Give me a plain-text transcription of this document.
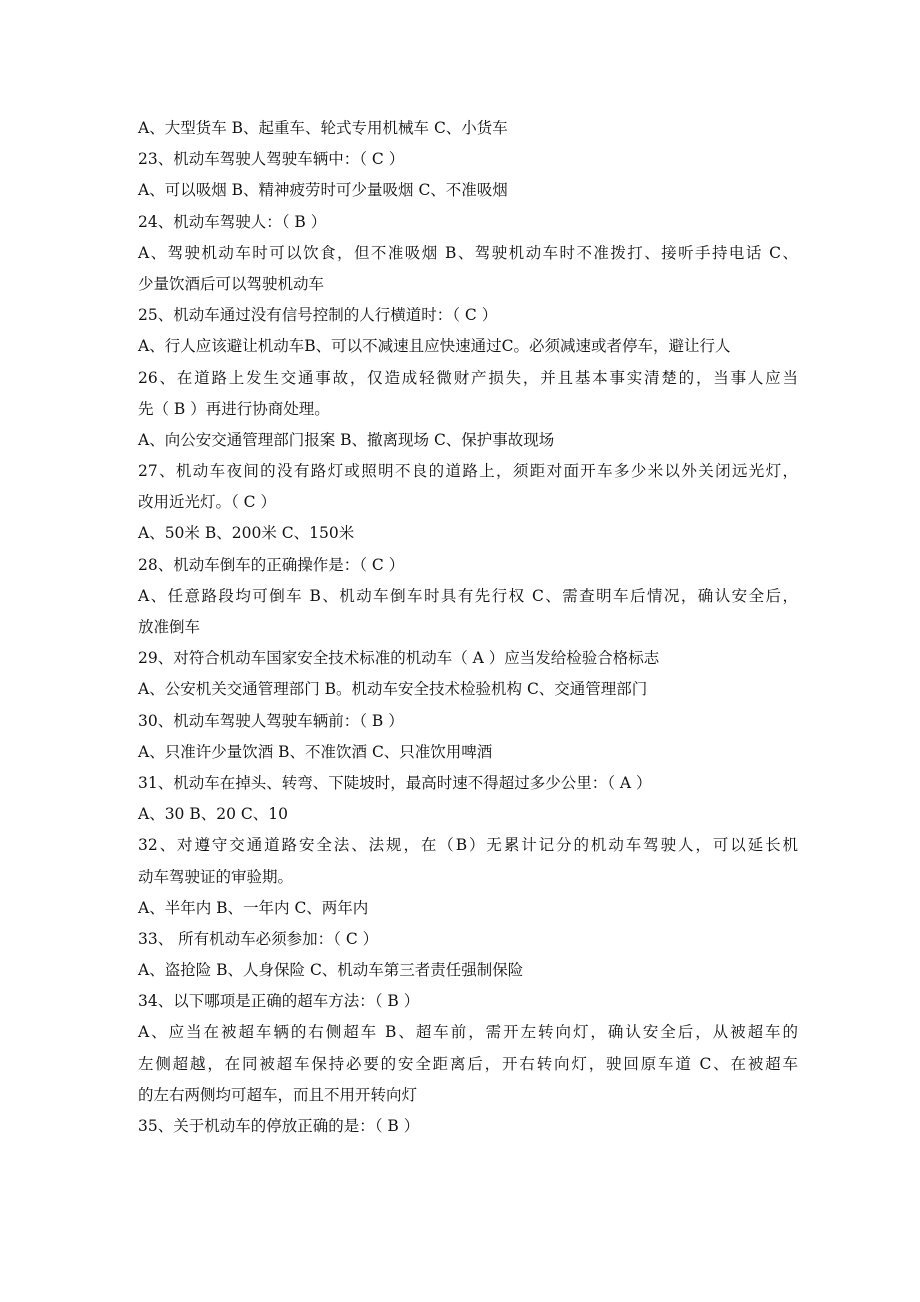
A、大型货车 B、起重车、轮式专用机械车 C、小货车
23、机动车驾驶人驾驶车辆中：（ C ）
A、可以吸烟 B、精神疲劳时可少量吸烟 C、不准吸烟
24、机动车驾驶人：（ B ）
A、驾驶机动车时可以饮食，但不准吸烟 B、驾驶机动车时不准拨打、接听手持电话 C、
少量饮酒后可以驾驶机动车
25、机动车通过没有信号控制的人行横道时：（ C ）
A、行人应该避让机动车B、可以不减速且应快速通过C。必须减速或者停车，避让行人
26、在道路上发生交通事故，仅造成轻微财产损失，并且基本事实清楚的，当事人应当
先（ B ）再进行协商处理。
A、向公安交通管理部门报案 B、撤离现场 C、保护事故现场
27、机动车夜间的没有路灯或照明不良的道路上，须距对面开车多少米以外关闭远光灯，
改用近光灯。（ C ）
A、50米 B、200米 C、150米
28、机动车倒车的正确操作是：（ C ）
A、任意路段均可倒车 B、机动车倒车时具有先行权 C、需查明车后情况，确认安全后，
放准倒车
29、对符合机动车国家安全技术标准的机动车（ A ）应当发给检验合格标志
A、公安机关交通管理部门 B。机动车安全技术检验机构 C、交通管理部门
30、机动车驾驶人驾驶车辆前：（ B ）
A、只准许少量饮酒 B、不准饮酒 C、只准饮用啤酒
31、机动车在掉头、转弯、下陡坡时，最高时速不得超过多少公里：（ A ）
A、30 B、20 C、10
32、对遵守交通道路安全法、法规，在（B）无累计记分的机动车驾驶人，可以延长机
动车驾驶证的审验期。
A、半年内 B、一年内 C、两年内
33、 所有机动车必须参加：（ C ）
A、盗抢险 B、人身保险 C、机动车第三者责任强制保险
34、以下哪项是正确的超车方法：（ B ）
A、应当在被超车辆的右侧超车 B、超车前，需开左转向灯，确认安全后，从被超车的
左侧超越，在同被超车保持必要的安全距离后，开右转向灯，驶回原车道 C、在被超车
的左右两侧均可超车，而且不用开转向灯
35、关于机动车的停放正确的是：（ B ）
